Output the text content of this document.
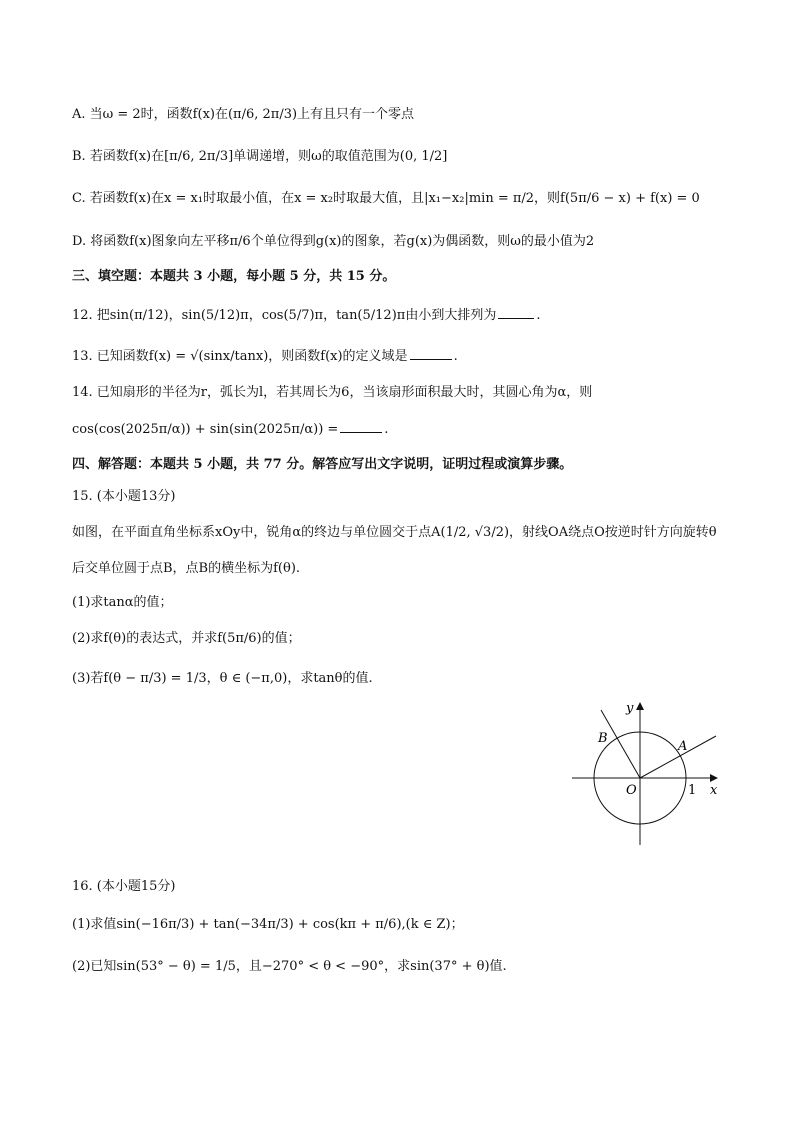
A. 当ω = 2时，函数f(x)在(π/6, 2π/3)上有且只有一个零点
B. 若函数f(x)在[π/6, 2π/3]单调递增，则ω的取值范围为(0, 1/2]
C. 若函数f(x)在x = x₁时取最小值，在x = x₂时取最大值，且|x₁−x₂|min = π/2，则f(5π/6 − x) + f(x) = 0
D. 将函数f(x)图象向左平移π/6个单位得到g(x)的图象，若g(x)为偶函数，则ω的最小值为2
三、填空题：本题共 3 小题，每小题 5 分，共 15 分。
12. 把sin(π/12)，sin(5/12)π，cos(5/7)π，tan(5/12)π由小到大排列为	.
13. 已知函数f(x) = √(sinx/tanx)，则函数f(x)的定义域是	.
14. 已知扇形的半径为r，弧长为l，若其周长为6，当该扇形面积最大时，其圆心角为α，则
cos(cos(2025π/α)) + sin(sin(2025π/α)) =	.
四、解答题：本题共 5 小题，共 77 分。解答应写出文字说明，证明过程或演算步骤。
15. (本小题13分)
如图，在平面直角坐标系xOy中，锐角α的终边与单位圆交于点A(1/2, √3/2)，射线OA绕点O按逆时针方向旋转θ
后交单位圆于点B，点B的横坐标为f(θ).
(1)求tanα的值；
(2)求f(θ)的表达式，并求f(5π/6)的值；
(3)若f(θ − π/3) = 1/3，θ ∈ (−π,0)，求tanθ的值.
y
x
O
A
B
1
16. (本小题15分)
(1)求值sin(−16π/3) + tan(−34π/3) + cos(kπ + π/6),(k ∈ Z)；
(2)已知sin(53° − θ) = 1/5，且−270° < θ < −90°，求sin(37° + θ)值.
